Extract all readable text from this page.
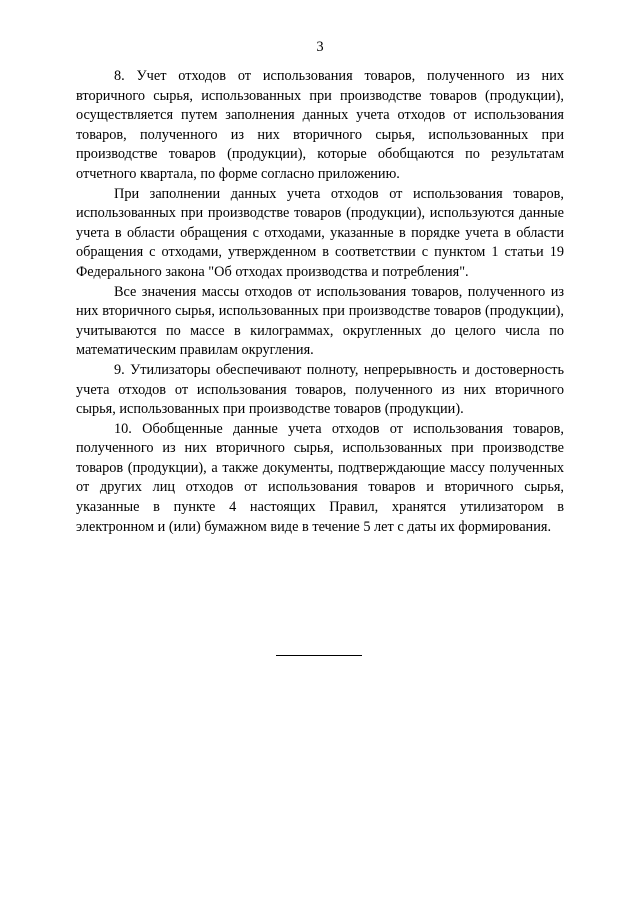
3

8. Учет отходов от использования товаров, полученного из них вторичного сырья, использованных при производстве товаров (продукции), осуществляется путем заполнения данных учета отходов от использования товаров, полученного из них вторичного сырья, использованных при производстве товаров (продукции), которые обобщаются по результатам отчетного квартала, по форме согласно приложению.

При заполнении данных учета отходов от использования товаров, использованных при производстве товаров (продукции), используются данные учета в области обращения с отходами, указанные в порядке учета в области обращения с отходами, утвержденном в соответствии с пунктом 1 статьи 19 Федерального закона "Об отходах производства и потребления".

Все значения массы отходов от использования товаров, полученного из них вторичного сырья, использованных при производстве товаров (продукции), учитываются по массе в килограммах, округленных до целого числа по математическим правилам округления.

9. Утилизаторы обеспечивают полноту, непрерывность и достоверность учета отходов от использования товаров, полученного из них вторичного сырья, использованных при производстве товаров (продукции).

10. Обобщенные данные учета отходов от использования товаров, полученного из них вторичного сырья, использованных при производстве товаров (продукции), а также документы, подтверждающие массу полученных от других лиц отходов от использования товаров и вторичного сырья, указанные в пункте 4 настоящих Правил, хранятся утилизатором в электронном и (или) бумажном виде в течение 5 лет с даты их формирования.
